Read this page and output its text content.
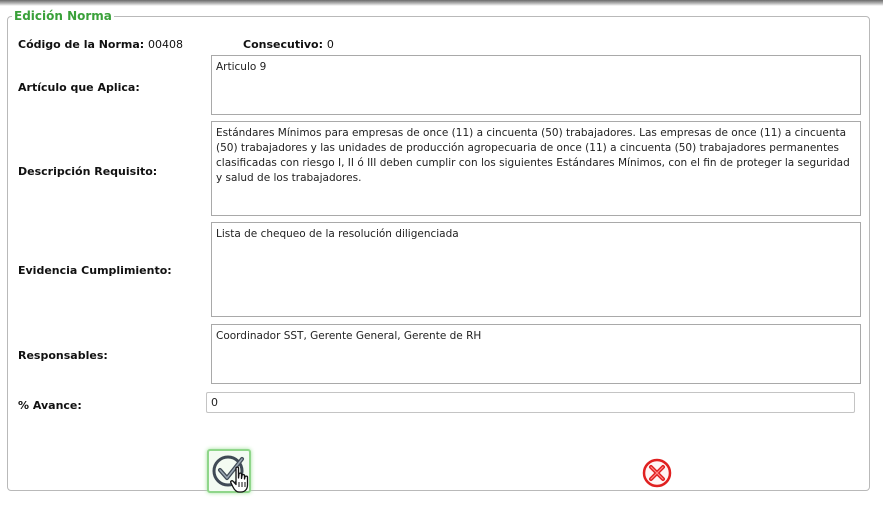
Edición Norma
Código de la Norma: 00408	Consecutivo: 0
Artículo que Aplica:
Articulo 9
Descripción Requisito:
Estándares Mínimos para empresas de once (11) a cincuenta (50) trabajadores. Las empresas de once (11) a cincuenta (50) trabajadores y las unidades de producción agropecuaria de once (11) a cincuenta (50) trabajadores permanentes clasificadas con riesgo I, II ó III deben cumplir con los siguientes Estándares Mínimos, con el fin de proteger la seguridad y salud de los trabajadores.
Evidencia Cumplimiento:
Lista de chequeo de la resolución diligenciada
Responsables:
Coordinador SST, Gerente General, Gerente de RH
% Avance:	0
